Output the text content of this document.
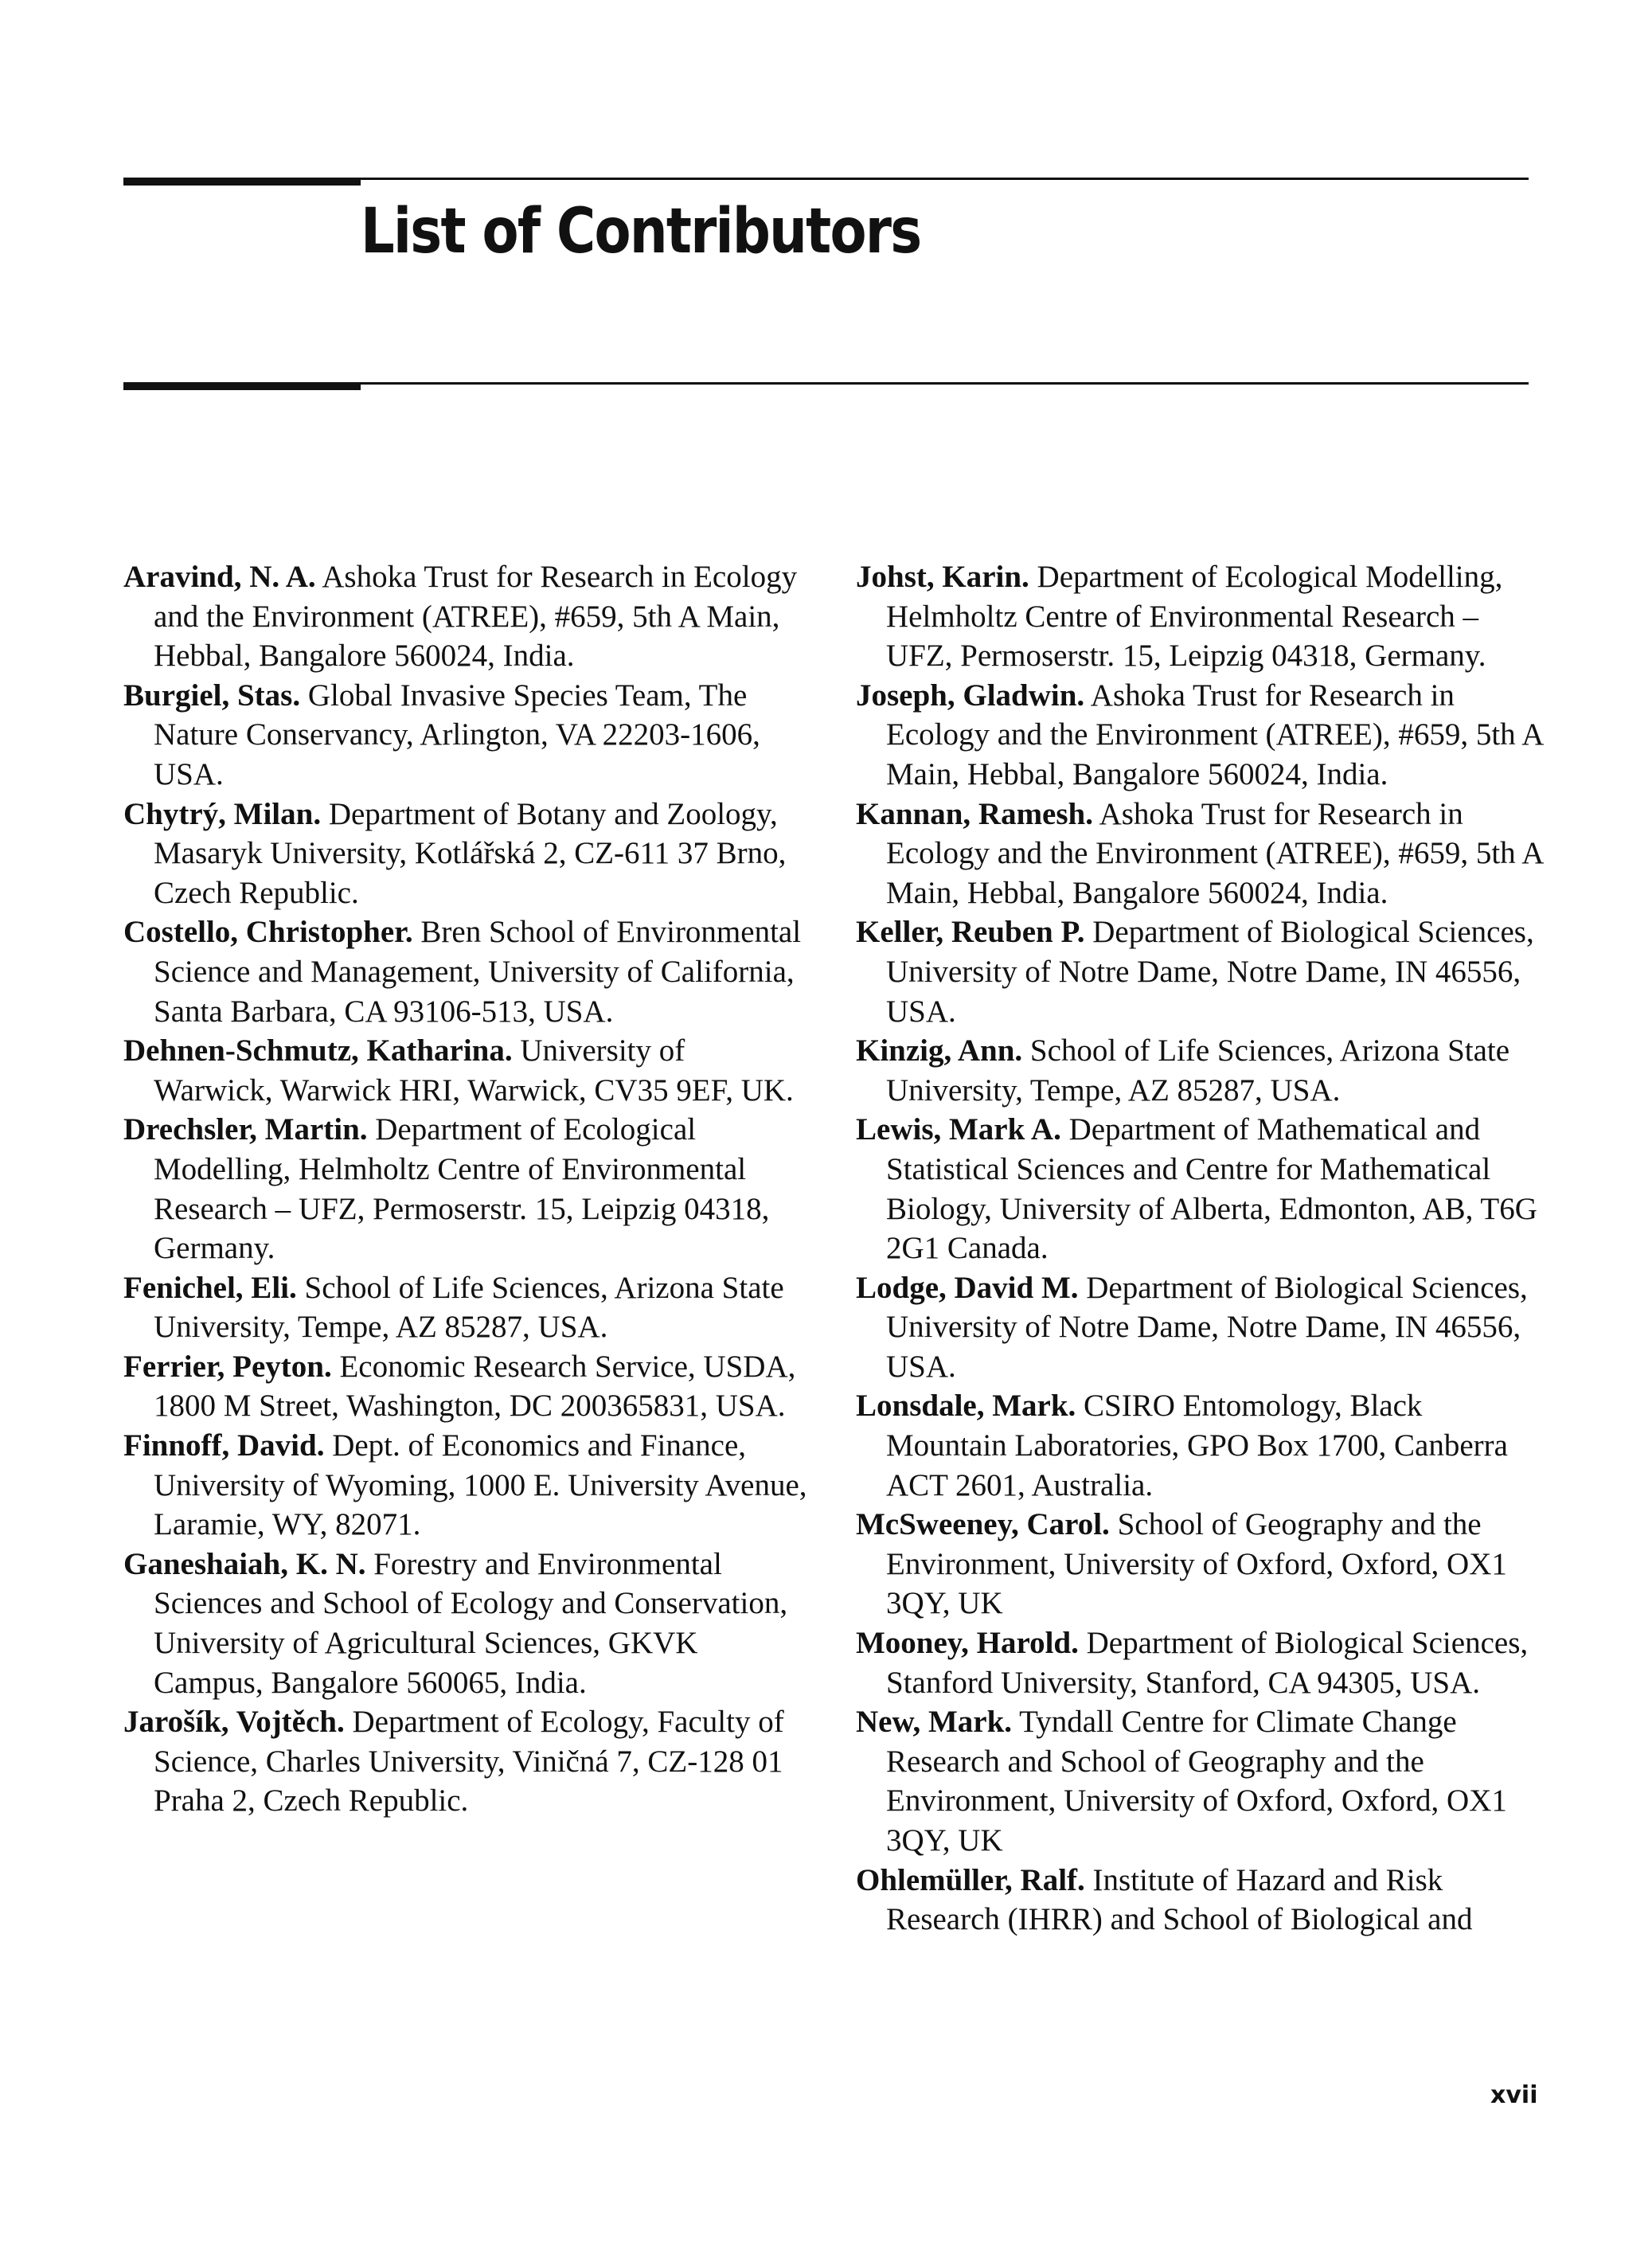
List of Contributors

Aravind, N. A. Ashoka Trust for Research in Ecology and the Environment (ATREE), #659, 5th A Main, Hebbal, Bangalore 560024, India.

Burgiel, Stas. Global Invasive Species Team, The Nature Conservancy, Arlington, VA 22203-1606, USA.

Chytrý, Milan. Department of Botany and Zoology, Masaryk University, Kotlářská 2, CZ-611 37 Brno, Czech Republic.

Costello, Christopher. Bren School of Environmental Science and Management, University of California, Santa Barbara, CA 93106-513, USA.

Dehnen-Schmutz, Katharina. University of Warwick, Warwick HRI, Warwick, CV35 9EF, UK.

Drechsler, Martin. Department of Ecological Modelling, Helmholtz Centre of Environmental Research – UFZ, Permoserstr. 15, Leipzig 04318, Germany.

Fenichel, Eli. School of Life Sciences, Arizona State University, Tempe, AZ 85287, USA.

Ferrier, Peyton. Economic Research Service, USDA, 1800 M Street, Washington, DC 200365831, USA.

Finnoff, David. Dept. of Economics and Finance, University of Wyoming, 1000 E. University Avenue, Laramie, WY, 82071.

Ganeshaiah, K. N. Forestry and Environmental Sciences and School of Ecology and Conservation, University of Agricultural Sciences, GKVK Campus, Bangalore 560065, India.

Jarošík, Vojtěch. Department of Ecology, Faculty of Science, Charles University, Viničná 7, CZ-128 01 Praha 2, Czech Republic.

Johst, Karin. Department of Ecological Modelling, Helmholtz Centre of Environmental Research – UFZ, Permoserstr. 15, Leipzig 04318, Germany.

Joseph, Gladwin. Ashoka Trust for Research in Ecology and the Environment (ATREE), #659, 5th A Main, Hebbal, Bangalore 560024, India.

Kannan, Ramesh. Ashoka Trust for Research in Ecology and the Environment (ATREE), #659, 5th A Main, Hebbal, Bangalore 560024, India.

Keller, Reuben P. Department of Biological Sciences, University of Notre Dame, Notre Dame, IN 46556, USA.

Kinzig, Ann. School of Life Sciences, Arizona State University, Tempe, AZ 85287, USA.

Lewis, Mark A. Department of Mathematical and Statistical Sciences and Centre for Mathematical Biology, University of Alberta, Edmonton, AB, T6G 2G1 Canada.

Lodge, David M. Department of Biological Sciences, University of Notre Dame, Notre Dame, IN 46556, USA.

Lonsdale, Mark. CSIRO Entomology, Black Mountain Laboratories, GPO Box 1700, Canberra ACT 2601, Australia.

McSweeney, Carol. School of Geography and the Environment, University of Oxford, Oxford, OX1 3QY, UK

Mooney, Harold. Department of Biological Sciences, Stanford University, Stanford, CA 94305, USA.

New, Mark. Tyndall Centre for Climate Change Research and School of Geography and the Environment, University of Oxford, Oxford, OX1 3QY, UK

Ohlemüller, Ralf. Institute of Hazard and Risk Research (IHRR) and School of Biological and

xvii
